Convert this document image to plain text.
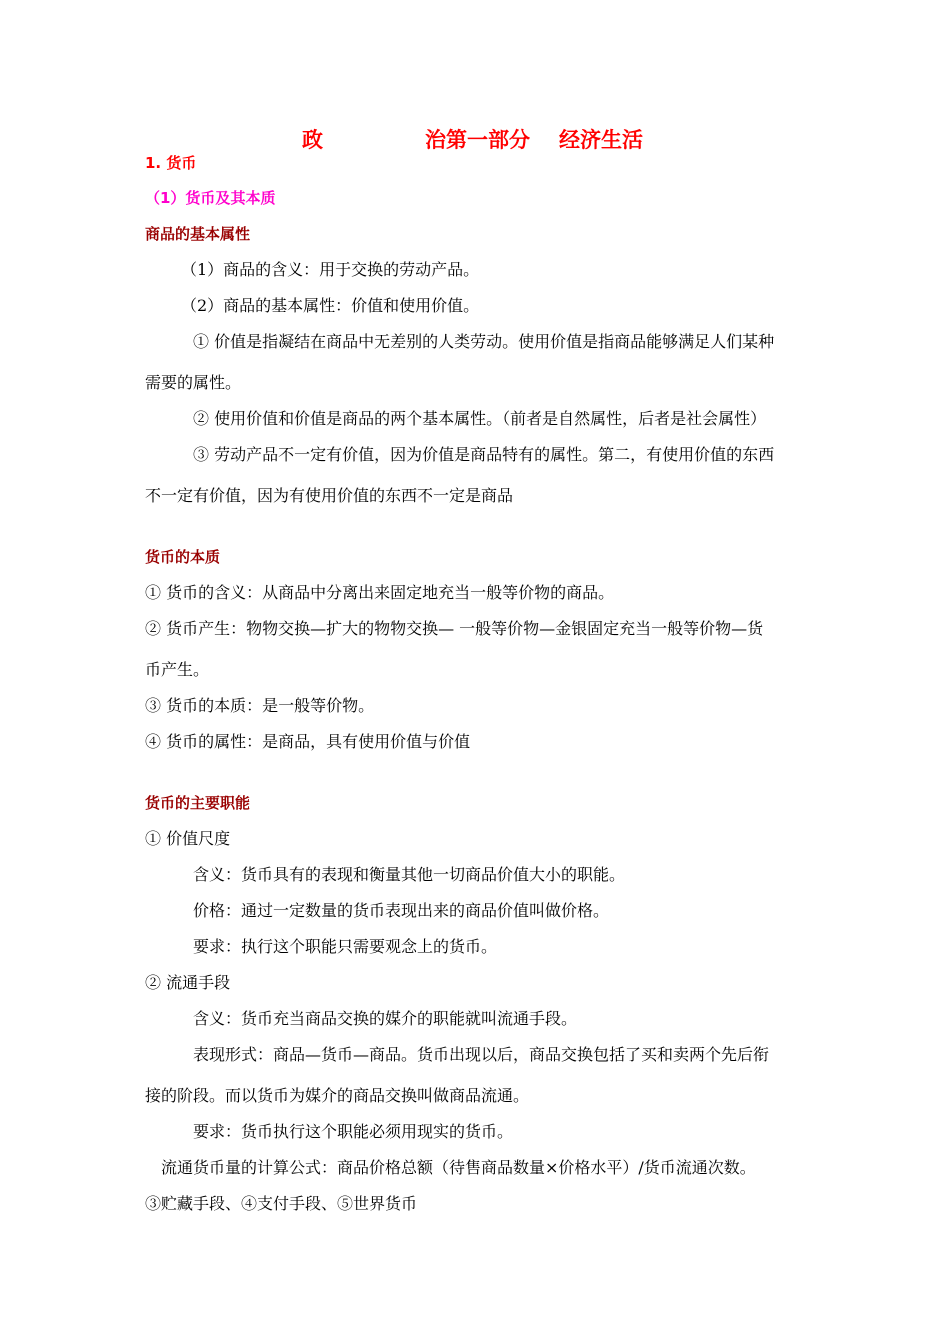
政	治第一部分 经济生活
1. 货币
（1）货币及其本质
商品的基本属性
（1）商品的含义：用于交换的劳动产品。
（2）商品的基本属性：价值和使用价值。
① 价值是指凝结在商品中无差别的人类劳动。使用价值是指商品能够满足人们某种
需要的属性。
② 使用价值和价值是商品的两个基本属性。（前者是自然属性，后者是社会属性）
③ 劳动产品不一定有价值，因为价值是商品特有的属性。第二，有使用价值的东西
不一定有价值，因为有使用价值的东西不一定是商品
货币的本质
① 货币的含义：从商品中分离出来固定地充当一般等价物的商品。
② 货币产生：物物交换—扩大的物物交换— 一般等价物—金银固定充当一般等价物—货
币产生。
③ 货币的本质：是一般等价物。
④ 货币的属性：是商品，具有使用价值与价值
货币的主要职能
① 价值尺度
含义：货币具有的表现和衡量其他一切商品价值大小的职能。
价格：通过一定数量的货币表现出来的商品价值叫做价格。
要求：执行这个职能只需要观念上的货币。
② 流通手段
含义：货币充当商品交换的媒介的职能就叫流通手段。
表现形式：商品—货币—商品。货币出现以后，商品交换包括了买和卖两个先后衔
接的阶段。而以货币为媒介的商品交换叫做商品流通。
要求：货币执行这个职能必须用现实的货币。
流通货币量的计算公式：商品价格总额（待售商品数量×价格水平）/货币流通次数。
③贮藏手段、④支付手段、⑤世界货币
